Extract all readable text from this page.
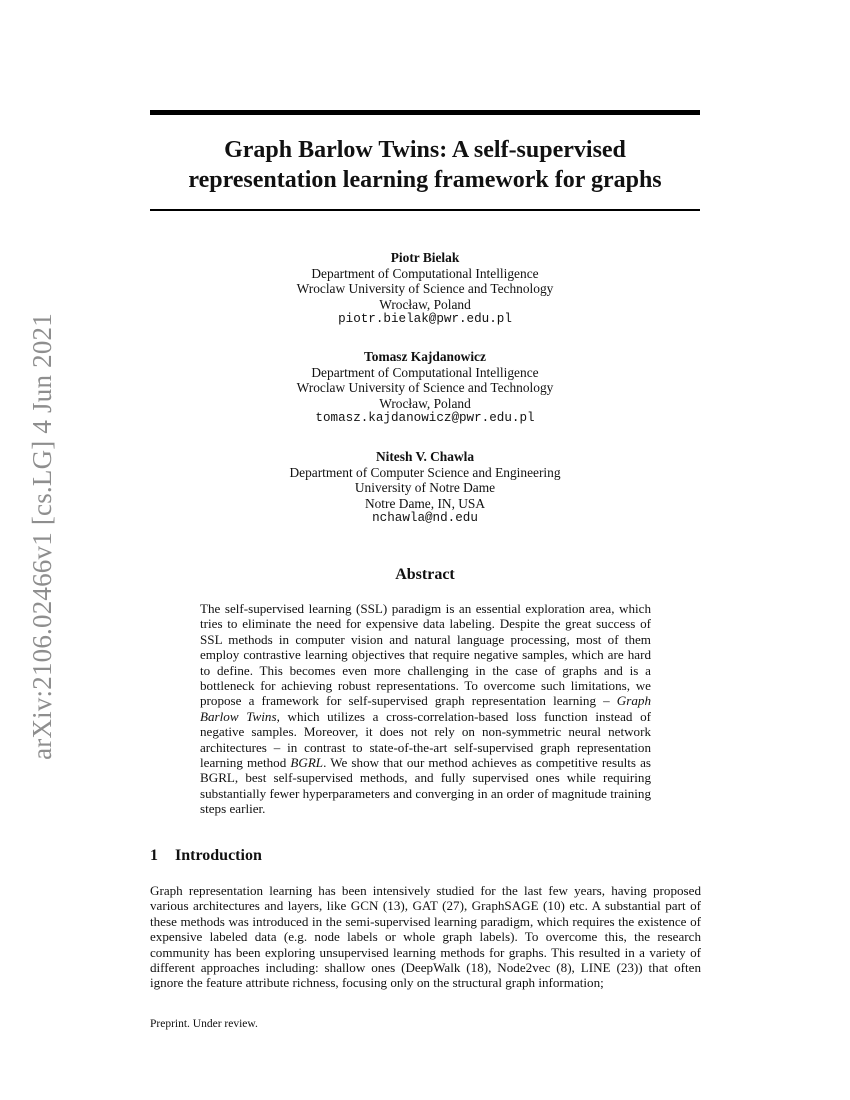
arXiv:2106.02466v1 [cs.LG] 4 Jun 2021
Graph Barlow Twins: A self-supervised representation learning framework for graphs
Piotr Bielak
Department of Computational Intelligence
Wroclaw University of Science and Technology
Wrocław, Poland
piotr.bielak@pwr.edu.pl
Tomasz Kajdanowicz
Department of Computational Intelligence
Wroclaw University of Science and Technology
Wrocław, Poland
tomasz.kajdanowicz@pwr.edu.pl
Nitesh V. Chawla
Department of Computer Science and Engineering
University of Notre Dame
Notre Dame, IN, USA
nchawla@nd.edu
Abstract
The self-supervised learning (SSL) paradigm is an essential exploration area, which tries to eliminate the need for expensive data labeling. Despite the great success of SSL methods in computer vision and natural language processing, most of them employ contrastive learning objectives that require negative samples, which are hard to define. This becomes even more challenging in the case of graphs and is a bottleneck for achieving robust representations. To overcome such limitations, we propose a framework for self-supervised graph representation learning – Graph Barlow Twins, which utilizes a cross-correlation-based loss function instead of negative samples. Moreover, it does not rely on non-symmetric neural network architectures – in contrast to state-of-the-art self-supervised graph representation learning method BGRL. We show that our method achieves as competitive results as BGRL, best self-supervised methods, and fully supervised ones while requiring substantially fewer hyperparameters and converging in an order of magnitude training steps earlier.
1 Introduction
Graph representation learning has been intensively studied for the last few years, having proposed various architectures and layers, like GCN (13), GAT (27), GraphSAGE (10) etc. A substantial part of these methods was introduced in the semi-supervised learning paradigm, which requires the existence of expensive labeled data (e.g. node labels or whole graph labels). To overcome this, the research community has been exploring unsupervised learning methods for graphs. This resulted in a variety of different approaches including: shallow ones (DeepWalk (18), Node2vec (8), LINE (23)) that often ignore the feature attribute richness, focusing only on the structural graph information;
Preprint. Under review.
